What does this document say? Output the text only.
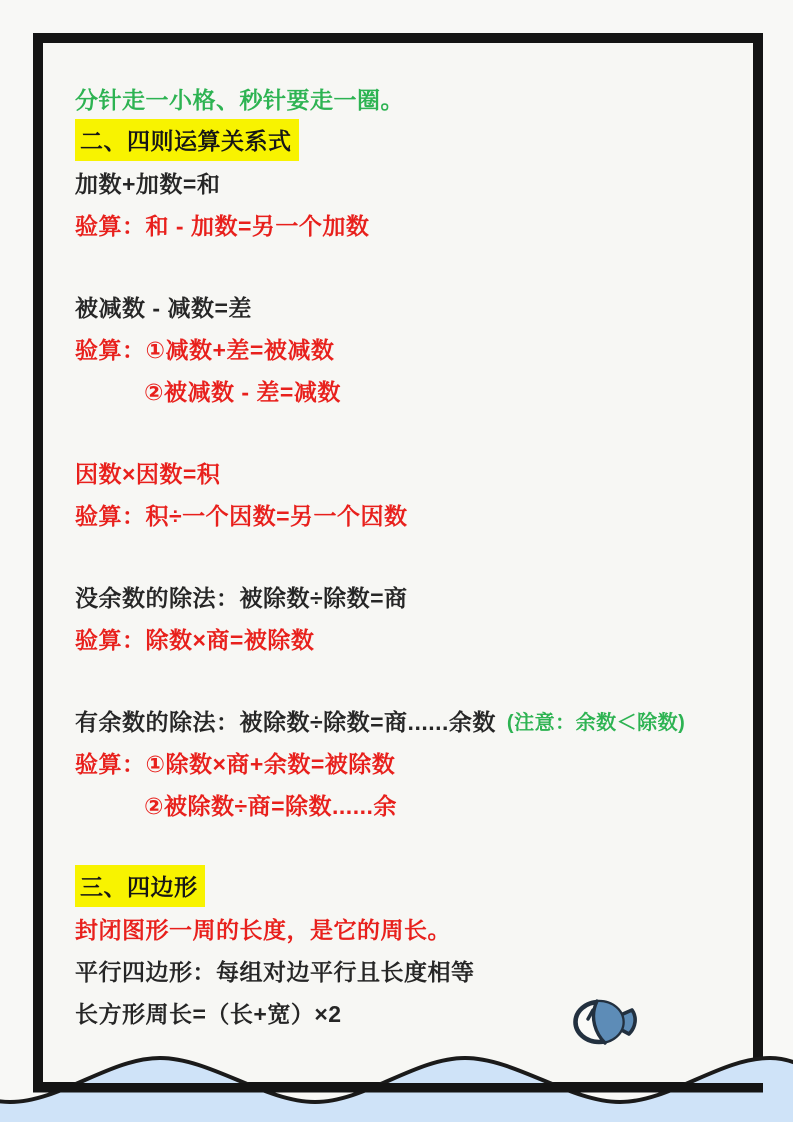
分针走一小格、秒针要走一圈。
二、四则运算关系式
加数+加数=和
验算：和 - 加数=另一个加数
被减数 - 减数=差
验算：①减数+差=被减数
②被减数 - 差=减数
因数×因数=积
验算：积÷一个因数=另一个因数
没余数的除法：被除数÷除数=商
验算：除数×商=被除数
有余数的除法：被除数÷除数=商......余数 (注意：余数＜除数)
验算：①除数×商+余数=被除数
②被除数÷商=除数......余
三、四边形
封闭图形一周的长度，是它的周长。
平行四边形：每组对边平行且长度相等
长方形周长=（长+宽）×2
